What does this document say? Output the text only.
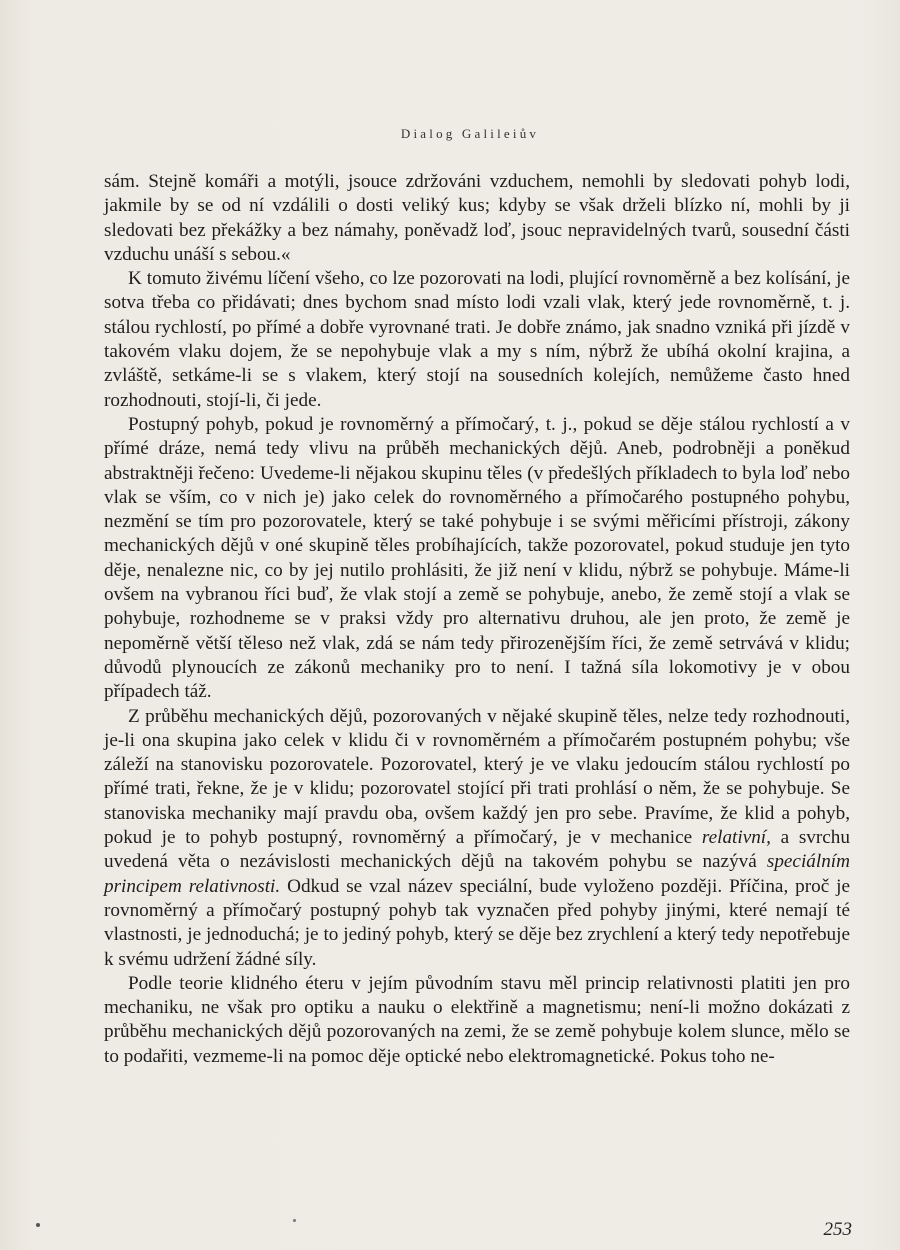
Dialog Galileiův

sám. Stejně komáři a motýli, jsouce zdržováni vzduchem, nemohli by sledovati pohyb lodi, jakmile by se od ní vzdálili o dosti veliký kus; kdyby se však drželi blízko ní, mohli by ji sledovati bez překážky a bez námahy, poněvadž loď, jsouc nepravidelných tvarů, sousední části vzduchu unáší s sebou.«

K tomuto živému líčení všeho, co lze pozorovati na lodi, plující rovnoměrně a bez kolísání, je sotva třeba co přidávati; dnes bychom snad místo lodi vzali vlak, který jede rovnoměrně, t. j. stálou rychlostí, po přímé a dobře vyrovnané trati. Je dobře známo, jak snadno vzniká při jízdě v takovém vlaku dojem, že se nepohybuje vlak a my s ním, nýbrž že ubíhá okolní krajina, a zvláště, setkáme-li se s vlakem, který stojí na sousedních kolejích, nemůžeme často hned rozhodnouti, stojí-li, či jede.

Postupný pohyb, pokud je rovnoměrný a přímočarý, t. j., pokud se děje stálou rychlostí a v přímé dráze, nemá tedy vlivu na průběh mechanických dějů. Aneb, podrobněji a poněkud abstraktněji řečeno: Uvedeme-li nějakou skupinu těles (v předešlých příkladech to byla loď nebo vlak se vším, co v nich je) jako celek do rovnoměrného a přímočarého postupného pohybu, nezmění se tím pro pozorovatele, který se také pohybuje i se svými měřicími přístroji, zákony mechanických dějů v oné skupině těles probíhajících, takže pozorovatel, pokud studuje jen tyto děje, nenalezne nic, co by jej nutilo prohlásiti, že již není v klidu, nýbrž se pohybuje. Máme-li ovšem na vybranou říci buď, že vlak stojí a země se pohybuje, anebo, že země stojí a vlak se pohybuje, rozhodneme se v praksi vždy pro alternativu druhou, ale jen proto, že země je nepoměrně větší těleso než vlak, zdá se nám tedy přirozenějším říci, že země setrvává v klidu; důvodů plynoucích ze zákonů mechaniky pro to není. I tažná síla lokomotivy je v obou případech táž.

Z průběhu mechanických dějů, pozorovaných v nějaké skupině těles, nelze tedy rozhodnouti, je-li ona skupina jako celek v klidu či v rovnoměrném a přímočarém postupném pohybu; vše záleží na stanovisku pozorovatele. Pozorovatel, který je ve vlaku jedoucím stálou rychlostí po přímé trati, řekne, že je v klidu; pozorovatel stojící při trati prohlásí o něm, že se pohybuje. Se stanoviska mechaniky mají pravdu oba, ovšem každý jen pro sebe. Pravíme, že klid a pohyb, pokud je to pohyb postupný, rovnoměrný a přímočarý, je v mechanice relativní, a svrchu uvedená věta o nezávislosti mechanických dějů na takovém pohybu se nazývá speciálním principem relativnosti. Odkud se vzal název speciální, bude vyloženo později. Příčina, proč je rovnoměrný a přímočarý postupný pohyb tak vyznačen před pohyby jinými, které nemají té vlastnosti, je jednoduchá; je to jediný pohyb, který se děje bez zrychlení a který tedy nepotřebuje k svému udržení žádné síly.

Podle teorie klidného éteru v jejím původním stavu měl princip relativnosti platiti jen pro mechaniku, ne však pro optiku a nauku o elektřině a magnetismu; není-li možno dokázati z průběhu mechanických dějů pozorovaných na zemi, že se země pohybuje kolem slunce, mělo se to podařiti, vezmeme-li na pomoc děje optické nebo elektromagnetické. Pokus toho ne-

253
